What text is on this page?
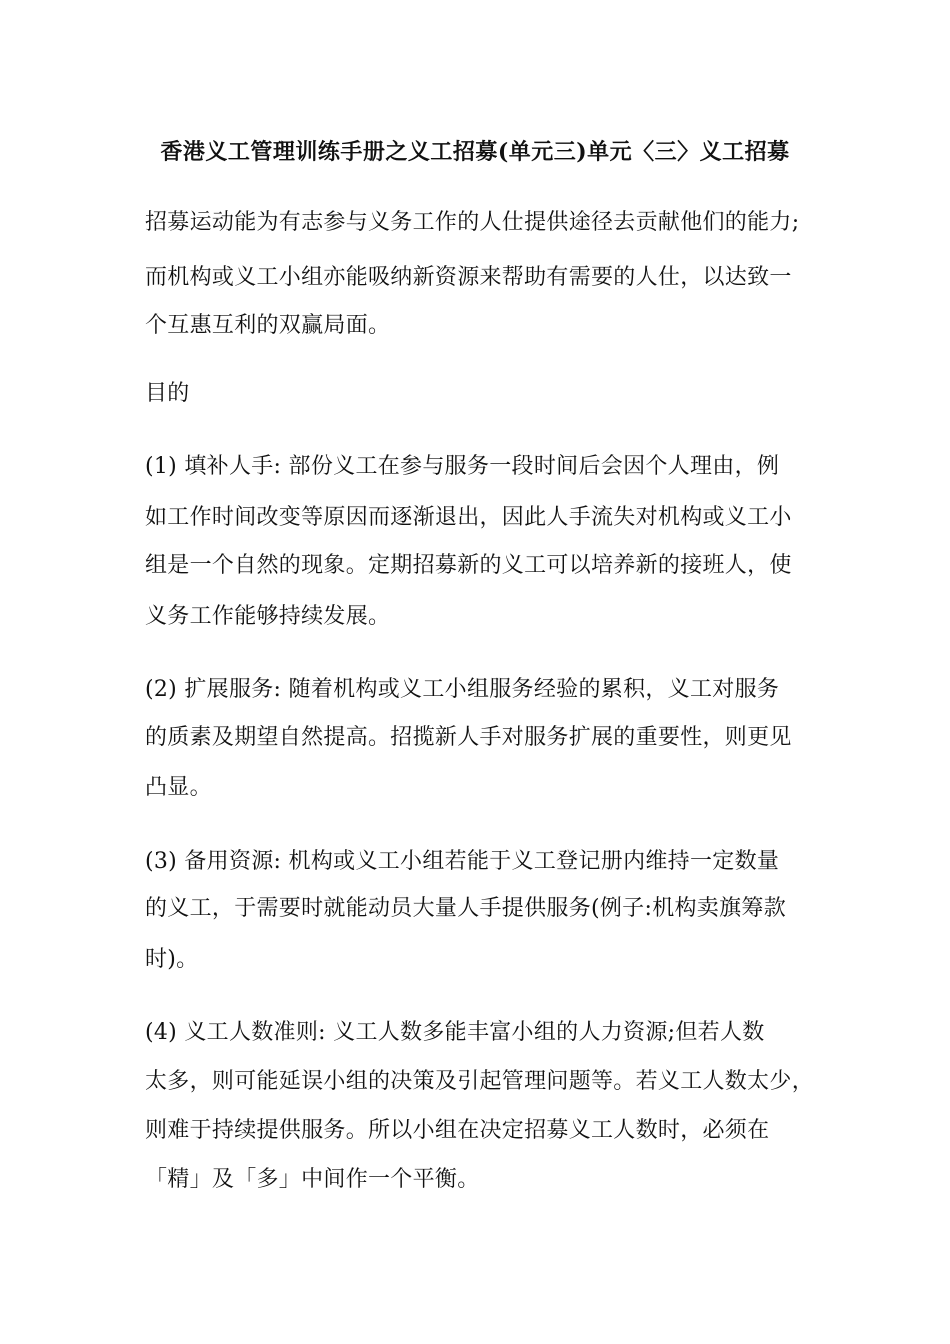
香港义工管理训练手册之义工招募(单元三)单元〈三〉义工招募
招募运动能为有志参与义务工作的人仕提供途径去贡献他们的能力;
而机构或义工小组亦能吸纳新资源来帮助有需要的人仕，以达致一
个互惠互利的双赢局面。
目的
(1) 填补人手: 部份义工在参与服务一段时间后会因个人理由，例
如工作时间改变等原因而逐渐退出，因此人手流失对机构或义工小
组是一个自然的现象。定期招募新的义工可以培养新的接班人，使
义务工作能够持续发展。
(2) 扩展服务: 随着机构或义工小组服务经验的累积，义工对服务
的质素及期望自然提高。招揽新人手对服务扩展的重要性，则更见
凸显。
(3) 备用资源: 机构或义工小组若能于义工登记册内维持一定数量
的义工，于需要时就能动员大量人手提供服务(例子:机构卖旗筹款
时)。
(4) 义工人数准则: 义工人数多能丰富小组的人力资源;但若人数
太多，则可能延误小组的决策及引起管理问题等。若义工人数太少，
则难于持续提供服务。所以小组在决定招募义工人数时，必须在
「精」及「多」中间作一个平衡。
